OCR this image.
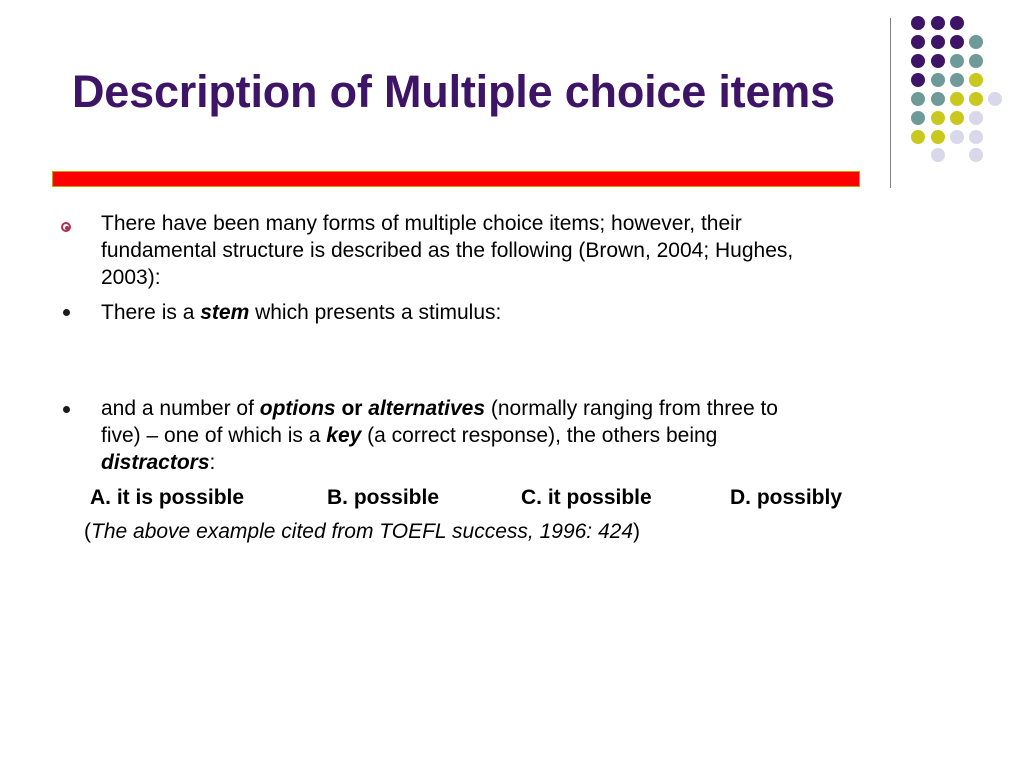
Description of Multiple choice items
There have been many forms of multiple choice items; however, their
fundamental structure is described as the following (Brown, 2004; Hughes,
2003):
There is a stem which presents a stimulus:
and a number of options or alternatives (normally ranging from three to
five) – one of which is a key (a correct response), the others being
distractors:
A. it is possible	B. possible	C. it possible	D. possibly
(The above example cited from TOEFL success, 1996: 424)
